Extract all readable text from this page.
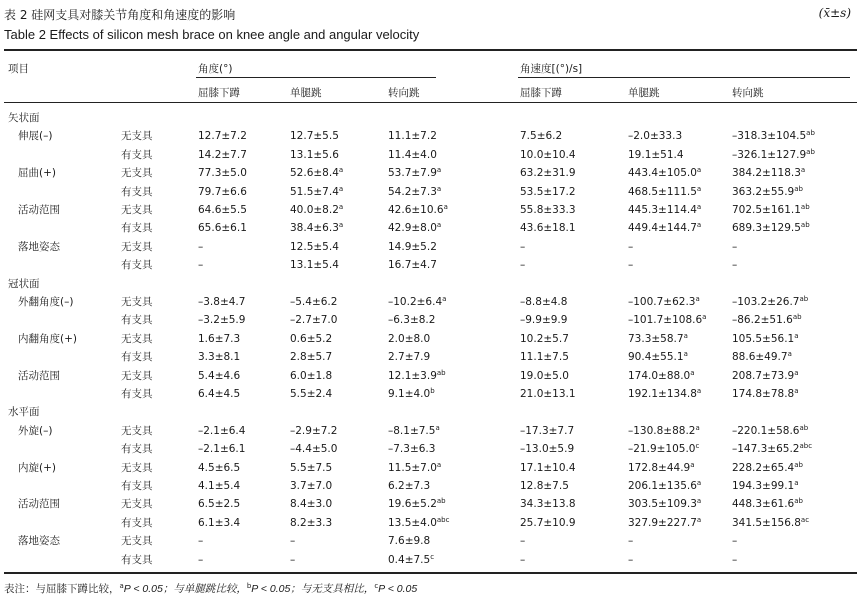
表 2 硅网支具对膝关节角度和角速度的影响
Table 2 Effects of silicon mesh brace on knee angle and angular velocity
(x̄±s)
项目	角度(°)	角速度[(°)/s]
屈膝下蹲	单腿跳	转向跳	屈膝下蹲	单腿跳	转向跳
矢状面
伸展(–)	无支具	12.7±7.2	12.7±5.5	11.1±7.2	7.5±6.2	–2.0±33.3	–318.3±104.5$^{ab}$
有支具	14.2±7.7	13.1±5.6	11.4±4.0	10.0±10.4	19.1±51.4	–326.1±127.9$^{ab}$
屈曲(+)	无支具	77.3±5.0	52.6±8.4$^a$	53.7±7.9$^a$	63.2±31.9	443.4±105.0$^a$	384.2±118.3$^a$
有支具	79.7±6.6	51.5±7.4$^a$	54.2±7.3$^a$	53.5±17.2	468.5±111.5$^a$	363.2±55.9$^{ab}$
活动范围	无支具	64.6±5.5	40.0±8.2$^a$	42.6±10.6$^a$	55.8±33.3	445.3±114.4$^a$	702.5±161.1$^{ab}$
有支具	65.6±6.1	38.4±6.3$^a$	42.9±8.0$^a$	43.6±18.1	449.4±144.7$^a$	689.3±129.5$^{ab}$
落地姿态	无支具	–	12.5±5.4	14.9±5.2	–	–	–
有支具	–	13.1±5.4	16.7±4.7	–	–	–
冠状面
外翻角度(–)	无支具	–3.8±4.7	–5.4±6.2	–10.2±6.4$^a$	–8.8±4.8	–100.7±62.3$^a$	–103.2±26.7$^{ab}$
有支具	–3.2±5.9	–2.7±7.0	–6.3±8.2	–9.9±9.9	–101.7±108.6$^a$ –86.2±51.6$^{ab}$
内翻角度(+)	无支具	1.6±7.3	0.6±5.2	2.0±8.0	10.2±5.7	73.3±58.7$^a$	105.5±56.1$^a$
有支具	3.3±8.1	2.8±5.7	2.7±7.9	11.1±7.5	90.4±55.1$^a$	88.6±49.7$^a$
活动范围	无支具	5.4±4.6	6.0±1.8	12.1±3.9$^{ab}$	19.0±5.0	174.0±88.0$^a$	208.7±73.9$^a$
有支具	6.4±4.5	5.5±2.4	9.1±4.0$^b$	21.0±13.1	192.1±134.8$^a$	174.8±78.8$^a$
水平面
外旋(–)	无支具	–2.1±6.4	–2.9±7.2	–8.1±7.5$^a$	–17.3±7.7	–130.8±88.2$^a$	–220.1±58.6$^{ab}$
有支具	–2.1±6.1	–4.4±5.0	–7.3±6.3	–13.0±5.9	–21.9±105.0$^c$	–147.3±65.2$^{abc}$
内旋(+)	无支具	4.5±6.5	5.5±7.5	11.5±7.0$^a$	17.1±10.4	172.8±44.9$^a$	228.2±65.4$^{ab}$
有支具	4.1±5.4	3.7±7.0	6.2±7.3	12.8±7.5	206.1±135.6$^a$	194.3±99.1$^a$
活动范围	无支具	6.5±2.5	8.4±3.0	19.6±5.2$^{ab}$	34.3±13.8	303.5±109.3$^a$	448.3±61.6$^{ab}$
有支具	6.1±3.4	8.2±3.3	13.5±4.0$^{abc}$	25.7±10.9	327.9±227.7$^a$	341.5±156.8$^{ac}$
落地姿态	无支具	–	–	7.6±9.8	–	–	–
有支具	–	–	0.4±7.5$^c$	–	–	–
表注：与屈膝下蹲比较，$^a$P < 0.05；与单腿跳比较，$^b$P < 0.05；与无支具相比，$^c$P < 0.05
